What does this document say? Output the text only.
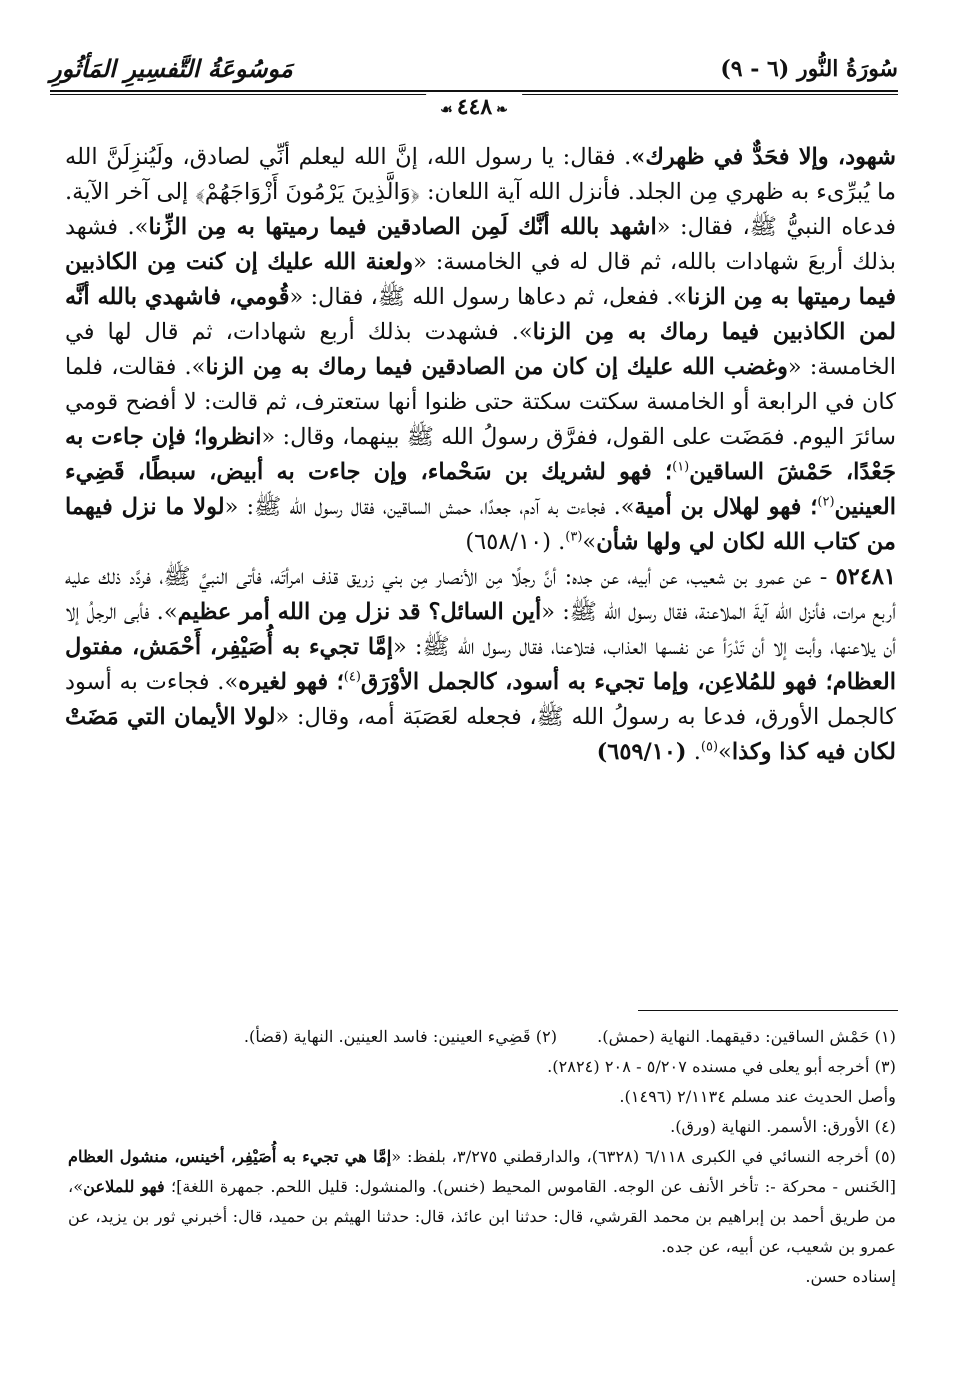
سُورَةُ النُّور (٦ - ٩)
مَوسُوعَةُ التَّفسِيرِ المَأثُورِ
❧٤٤٨☙

شهود، وإلا فحَدٌّ في ظهرك». فقال: يا رسول الله، إنَّ الله ليعلم أنِّي لصادق، ولَيُنزِلَنَّ الله ما يُبرِّىء به ظهري مِن الجلد. فأنزل الله آية اللعان: ﴿وَالَّذِينَ يَرْمُونَ أَزْوَاجَهُمْ﴾ إلى آخر الآية. فدعاه النبيُّ ﷺ، فقال: «اشهد بالله أنَّك لَمِن الصادقين فيما رميتها به مِن الزِّنا». فشهد بذلك أربعَ شهادات بالله، ثم قال له في الخامسة: «ولعنة الله عليك إن كنت مِن الكاذبين فيما رميتها به مِن الزنا». ففعل، ثم دعاها رسول الله ﷺ، فقال: «قُومي، فاشهدي بالله أنَّه لمن الكاذبين فيما رماك به مِن الزنا». فشهدت بذلك أربع شهادات، ثم قال لها في الخامسة: «وغضب الله عليك إن كان من الصادقين فيما رماك به مِن الزنا». فقالت، فلما كان في الرابعة أو الخامسة سكتت سكتة حتى ظنوا أنها ستعترف، ثم قالت: لا أفضح قومي سائرَ اليوم. فمَضَت على القول، ففرَّق رسولُ الله ﷺ بينهما، وقال: «انظروا؛ فإن جاءت به جَعْدًا، حَمْشَ الساقين$^{(١)}$؛ فهو لشريك بن سَحْماء، وإن جاءت به أبيض، سبطًا، قَضِيء العينين$^{(٢)}$؛ فهو لهلال بن أمية». فجاءت به آدم، جعدًا، حمش الساقين، فقال رسول الله ﷺ: «لولا ما نزل فيهما من كتاب الله لكان لي ولها شأن»$^{(٣)}$. (٦٥٨/١٠)

٥٢٤٨١ - عن عمرو بن شعيب، عن أبيه، عن جده: أنَّ رجلًا مِن الأنصار مِن بني زريق قذف امرأتَه، فأتى النبيَّ ﷺ، فردَّد ذلك عليه أربع مرات، فأنزل الله آيةَ الملاعنة، فقال رسول الله ﷺ: «أين السائل؟ قد نزل مِن الله أمر عظيم». فأبى الرجلُ إلا أن يلاعنها، وأبت إلا أن تَدْرَأ عن نفسها العذاب، فتلاعنا، فقال رسول الله ﷺ: «إمَّا تجيء به أُصَيْفِر، أَحْمَش، مفتول العظام؛ فهو للمُلاعِن، وإما تجيء به أسود، كالجمل الأوْرَق$^{(٤)}$؛ فهو لغيره». فجاءت به أسود كالجمل الأورق، فدعا به رسولُ الله ﷺ، فجعله لعَصَبَة أمه، وقال: «لولا الأيمان التي مَضَتْ لكان فيه كذا وكذا»$^{(٥)}$. (٦٥٩/١٠)

(١) حَمْش الساقين: دقيقهما. النهاية (حمش).
(٢) قَضِيء العينين: فاسد العينين. النهاية (قضأ).

(٣) أخرجه أبو يعلى في مسنده ٥/٢٠٧ - ٢٠٨ (٢٨٢٤).

وأصل الحديث عند مسلم ٢/١١٣٤ (١٤٩٦).

(٤) الأورق: الأسمر. النهاية (ورق).

(٥) أخرجه النسائي في الكبرى ٦/١١٨ (٦٣٢٨)، والدارقطني ٣/٢٧٥، بلفظ: «إمَّا هي تجيء به أُصَيْفِر، أخينس، منشول العظام [الخَنس - محركة -: تأخر الأنف عن الوجه. القاموس المحيط (خنس). والمنشول: قليل اللحم. جمهرة اللغة]؛ فهو للملاعن»، من طريق أحمد بن إبراهيم بن محمد القرشي، قال: حدثنا ابن عائذ، قال: حدثنا الهيثم بن حميد، قال: أخبرني ثور بن يزيد، عن عمرو بن شعيب، عن أبيه، عن جده.

إسناده حسن.
